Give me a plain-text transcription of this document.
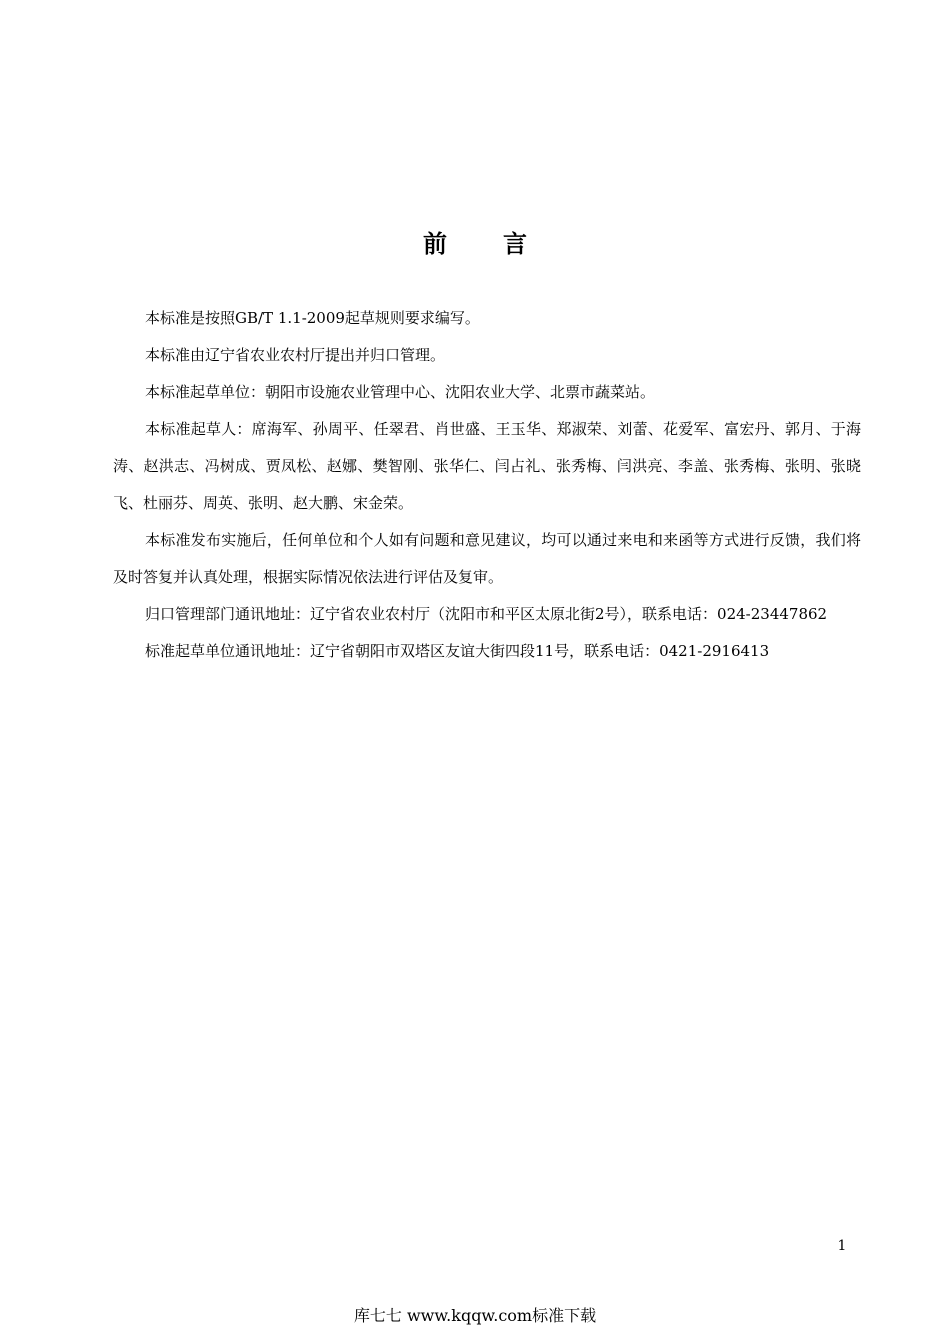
前言

本标准是按照GB/T 1.1-2009起草规则要求编写。

本标准由辽宁省农业农村厅提出并归口管理。

本标准起草单位：朝阳市设施农业管理中心、沈阳农业大学、北票市蔬菜站。

本标准起草人：席海军、孙周平、任翠君、肖世盛、王玉华、郑淑荣、刘蕾、花爱军、富宏丹、郭月、于海涛、赵洪志、冯树成、贾凤松、赵娜、樊智刚、张华仁、闫占礼、张秀梅、闫洪亮、李盖、张秀梅、张明、张晓飞、杜丽芬、周英、张明、赵大鹏、宋金荣。

本标准发布实施后，任何单位和个人如有问题和意见建议，均可以通过来电和来函等方式进行反馈，我们将及时答复并认真处理，根据实际情况依法进行评估及复审。

归口管理部门通讯地址：辽宁省农业农村厅（沈阳市和平区太原北街2号），联系电话：024-23447862

标准起草单位通讯地址：辽宁省朝阳市双塔区友谊大街四段11号，联系电话：0421-2916413

1
库七七 www.kqqw.com标准下载
